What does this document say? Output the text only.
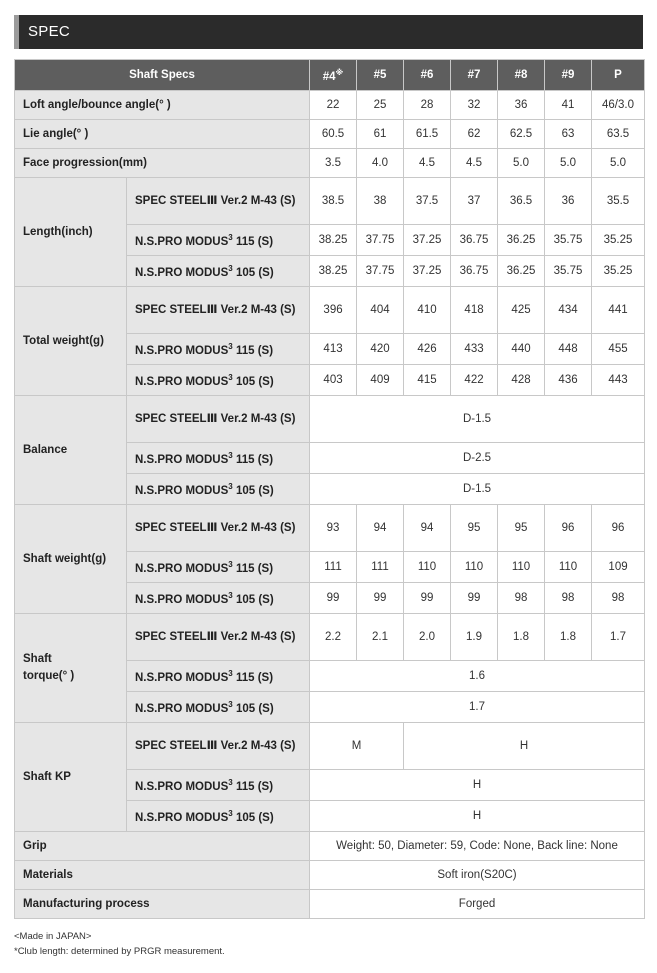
SPEC
Shaft Specs		#4※	#5	#6	#7	#8	#9	P
Loft angle/bounce angle(° )		22	25	28	32	36	41	46/3.0
Lie angle(° )		60.5	61	61.5	62	62.5	63	63.5
Face progression(mm)		3.5	4.0	4.5	4.5	5.0	5.0	5.0
Length(inch)	SPEC STEELⅢ Ver.2 M-43 (S)	38.5	38	37.5	37	36.5	36	35.5
	N.S.PRO MODUS$^3$ 115 (S)	38.25	37.75	37.25	36.75	36.25	35.75	35.25
	N.S.PRO MODUS$^3$ 105 (S)	38.25	37.75	37.25	36.75	36.25	35.75	35.25
Total weight(g)	SPEC STEELⅢ Ver.2 M-43 (S)	396	404	410	418	425	434	441
	N.S.PRO MODUS$^3$ 115 (S)	413	420	426	433	440	448	455
	N.S.PRO MODUS$^3$ 105 (S)	403	409	415	422	428	436	443
Balance	SPEC STEELⅢ Ver.2 M-43 (S)	D-1.5						
	N.S.PRO MODUS$^3$ 115 (S)	D-2.5						
	N.S.PRO MODUS$^3$ 105 (S)	D-1.5						
Shaft weight(g)	SPEC STEELⅢ Ver.2 M-43 (S)	93	94	94	95	95	96	96
	N.S.PRO MODUS$^3$ 115 (S)	111	111	110	110	110	110	109
	N.S.PRO MODUS$^3$ 105 (S)	99	99	99	99	98	98	98
Shaft
torque(° )	SPEC STEELⅢ Ver.2 M-43 (S)	2.2	2.1	2.0	1.9	1.8	1.8	1.7
	N.S.PRO MODUS$^3$ 115 (S)	1.6						
	N.S.PRO MODUS$^3$ 105 (S)	1.7						
Shaft KP	SPEC STEELⅢ Ver.2 M-43 (S)	M		H				
	N.S.PRO MODUS$^3$ 115 (S)	H						
	N.S.PRO MODUS$^3$ 105 (S)	H						
Grip		Weight: 50, Diameter: 59, Code: None, Back line: None						
Materials		Soft iron(S20C)						
Manufacturing process		Forged						
<Made in JAPAN>
*Club length: determined by PRGR measurement.
